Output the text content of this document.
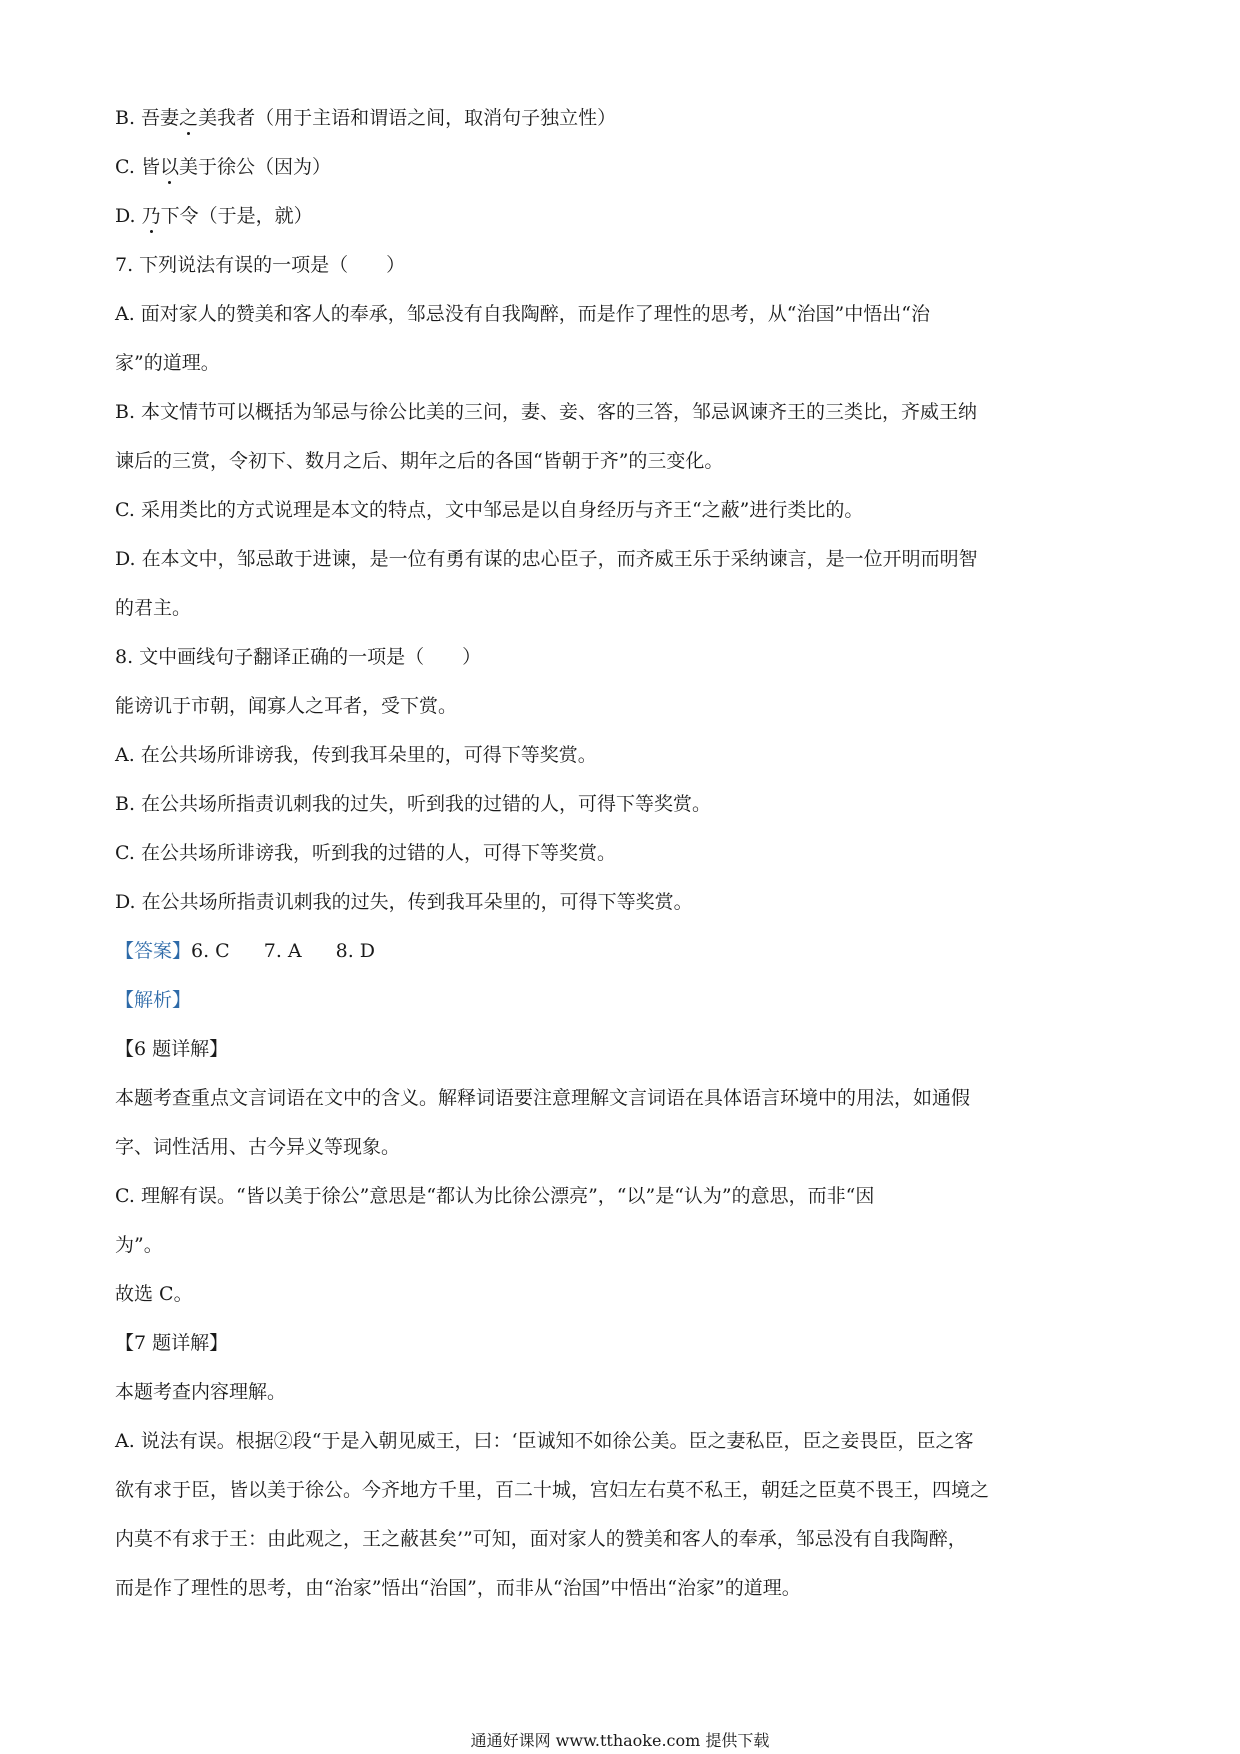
B. 吾妻之美我者（用于主语和谓语之间，取消句子独立性）
C. 皆以美于徐公（因为）
D. 乃下令（于是，就）
7. 下列说法有误的一项是（　　）
A. 面对家人的赞美和客人的奉承，邹忌没有自我陶醉，而是作了理性的思考，从“治国”中悟出“治
家”的道理。
B. 本文情节可以概括为邹忌与徐公比美的三问，妻、妾、客的三答，邹忌讽谏齐王的三类比，齐威王纳
谏后的三赏，令初下、数月之后、期年之后的各国“皆朝于齐”的三变化。
C. 采用类比的方式说理是本文的特点，文中邹忌是以自身经历与齐王“之蔽”进行类比的。
D. 在本文中，邹忌敢于进谏，是一位有勇有谋的忠心臣子，而齐威王乐于采纳谏言，是一位开明而明智
的君主。
8. 文中画线句子翻译正确的一项是（　　）
能谤讥于市朝，闻寡人之耳者，受下赏。
A. 在公共场所诽谤我，传到我耳朵里的，可得下等奖赏。
B. 在公共场所指责讥刺我的过失，听到我的过错的人，可得下等奖赏。
C. 在公共场所诽谤我，听到我的过错的人，可得下等奖赏。
D. 在公共场所指责讥刺我的过失，传到我耳朵里的，可得下等奖赏。
【答案】6. C 7. A 8. D
【解析】
【6 题详解】
本题考查重点文言词语在文中的含义。解释词语要注意理解文言词语在具体语言环境中的用法，如通假
字、词性活用、古今异义等现象。
C. 理解有误。“皆以美于徐公”意思是“都认为比徐公漂亮”，“以”是“认为”的意思，而非“因
为”。
故选 C。
【7 题详解】
本题考查内容理解。
A. 说法有误。根据②段“于是入朝见威王，曰：‘臣诚知不如徐公美。臣之妻私臣，臣之妾畏臣，臣之客
欲有求于臣，皆以美于徐公。今齐地方千里，百二十城，宫妇左右莫不私王，朝廷之臣莫不畏王，四境之
内莫不有求于王：由此观之，王之蔽甚矣’”可知，面对家人的赞美和客人的奉承，邹忌没有自我陶醉，
而是作了理性的思考，由“治家”悟出“治国”，而非从“治国”中悟出“治家”的道理。
通通好课网 www.tthaoke.com 提供下载
